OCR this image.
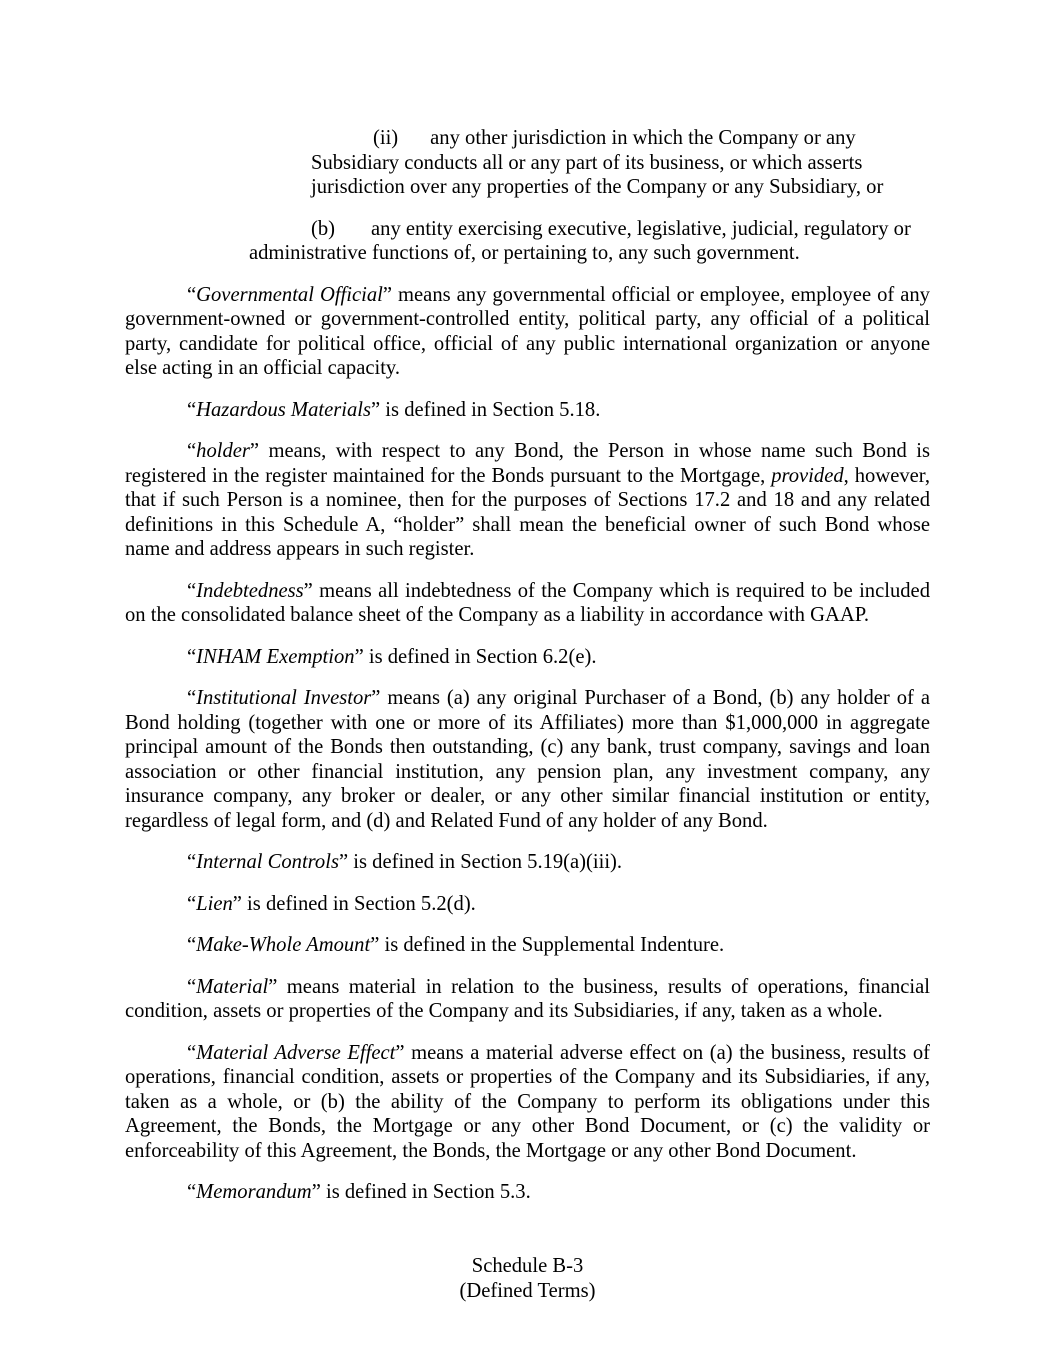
(ii) any other jurisdiction in which the Company or any Subsidiary conducts all or any part of its business, or which asserts jurisdiction over any properties of the Company or any Subsidiary, or

(b) any entity exercising executive, legislative, judicial, regulatory or administrative functions of, or pertaining to, any such government.

“Governmental Official” means any governmental official or employee, employee of any government-owned or government-controlled entity, political party, any official of a political party, candidate for political office, official of any public international organization or anyone else acting in an official capacity.

“Hazardous Materials” is defined in Section 5.18.

“holder” means, with respect to any Bond, the Person in whose name such Bond is registered in the register maintained for the Bonds pursuant to the Mortgage, provided, however, that if such Person is a nominee, then for the purposes of Sections 17.2 and 18 and any related definitions in this Schedule A, “holder” shall mean the beneficial owner of such Bond whose name and address appears in such register.

“Indebtedness” means all indebtedness of the Company which is required to be included on the consolidated balance sheet of the Company as a liability in accordance with GAAP.

“INHAM Exemption” is defined in Section 6.2(e).

“Institutional Investor” means (a) any original Purchaser of a Bond, (b) any holder of a Bond holding (together with one or more of its Affiliates) more than $1,000,000 in aggregate principal amount of the Bonds then outstanding, (c) any bank, trust company, savings and loan association or other financial institution, any pension plan, any investment company, any insurance company, any broker or dealer, or any other similar financial institution or entity, regardless of legal form, and (d) and Related Fund of any holder of any Bond.

“Internal Controls” is defined in Section 5.19(a)(iii).

“Lien” is defined in Section 5.2(d).

“Make-Whole Amount” is defined in the Supplemental Indenture.

“Material” means material in relation to the business, results of operations, financial condition, assets or properties of the Company and its Subsidiaries, if any, taken as a whole.

“Material Adverse Effect” means a material adverse effect on (a) the business, results of operations, financial condition, assets or properties of the Company and its Subsidiaries, if any, taken as a whole, or (b) the ability of the Company to perform its obligations under this Agreement, the Bonds, the Mortgage or any other Bond Document, or (c) the validity or enforceability of this Agreement, the Bonds, the Mortgage or any other Bond Document.

“Memorandum” is defined in Section 5.3.

Schedule B-3
(Defined Terms)
